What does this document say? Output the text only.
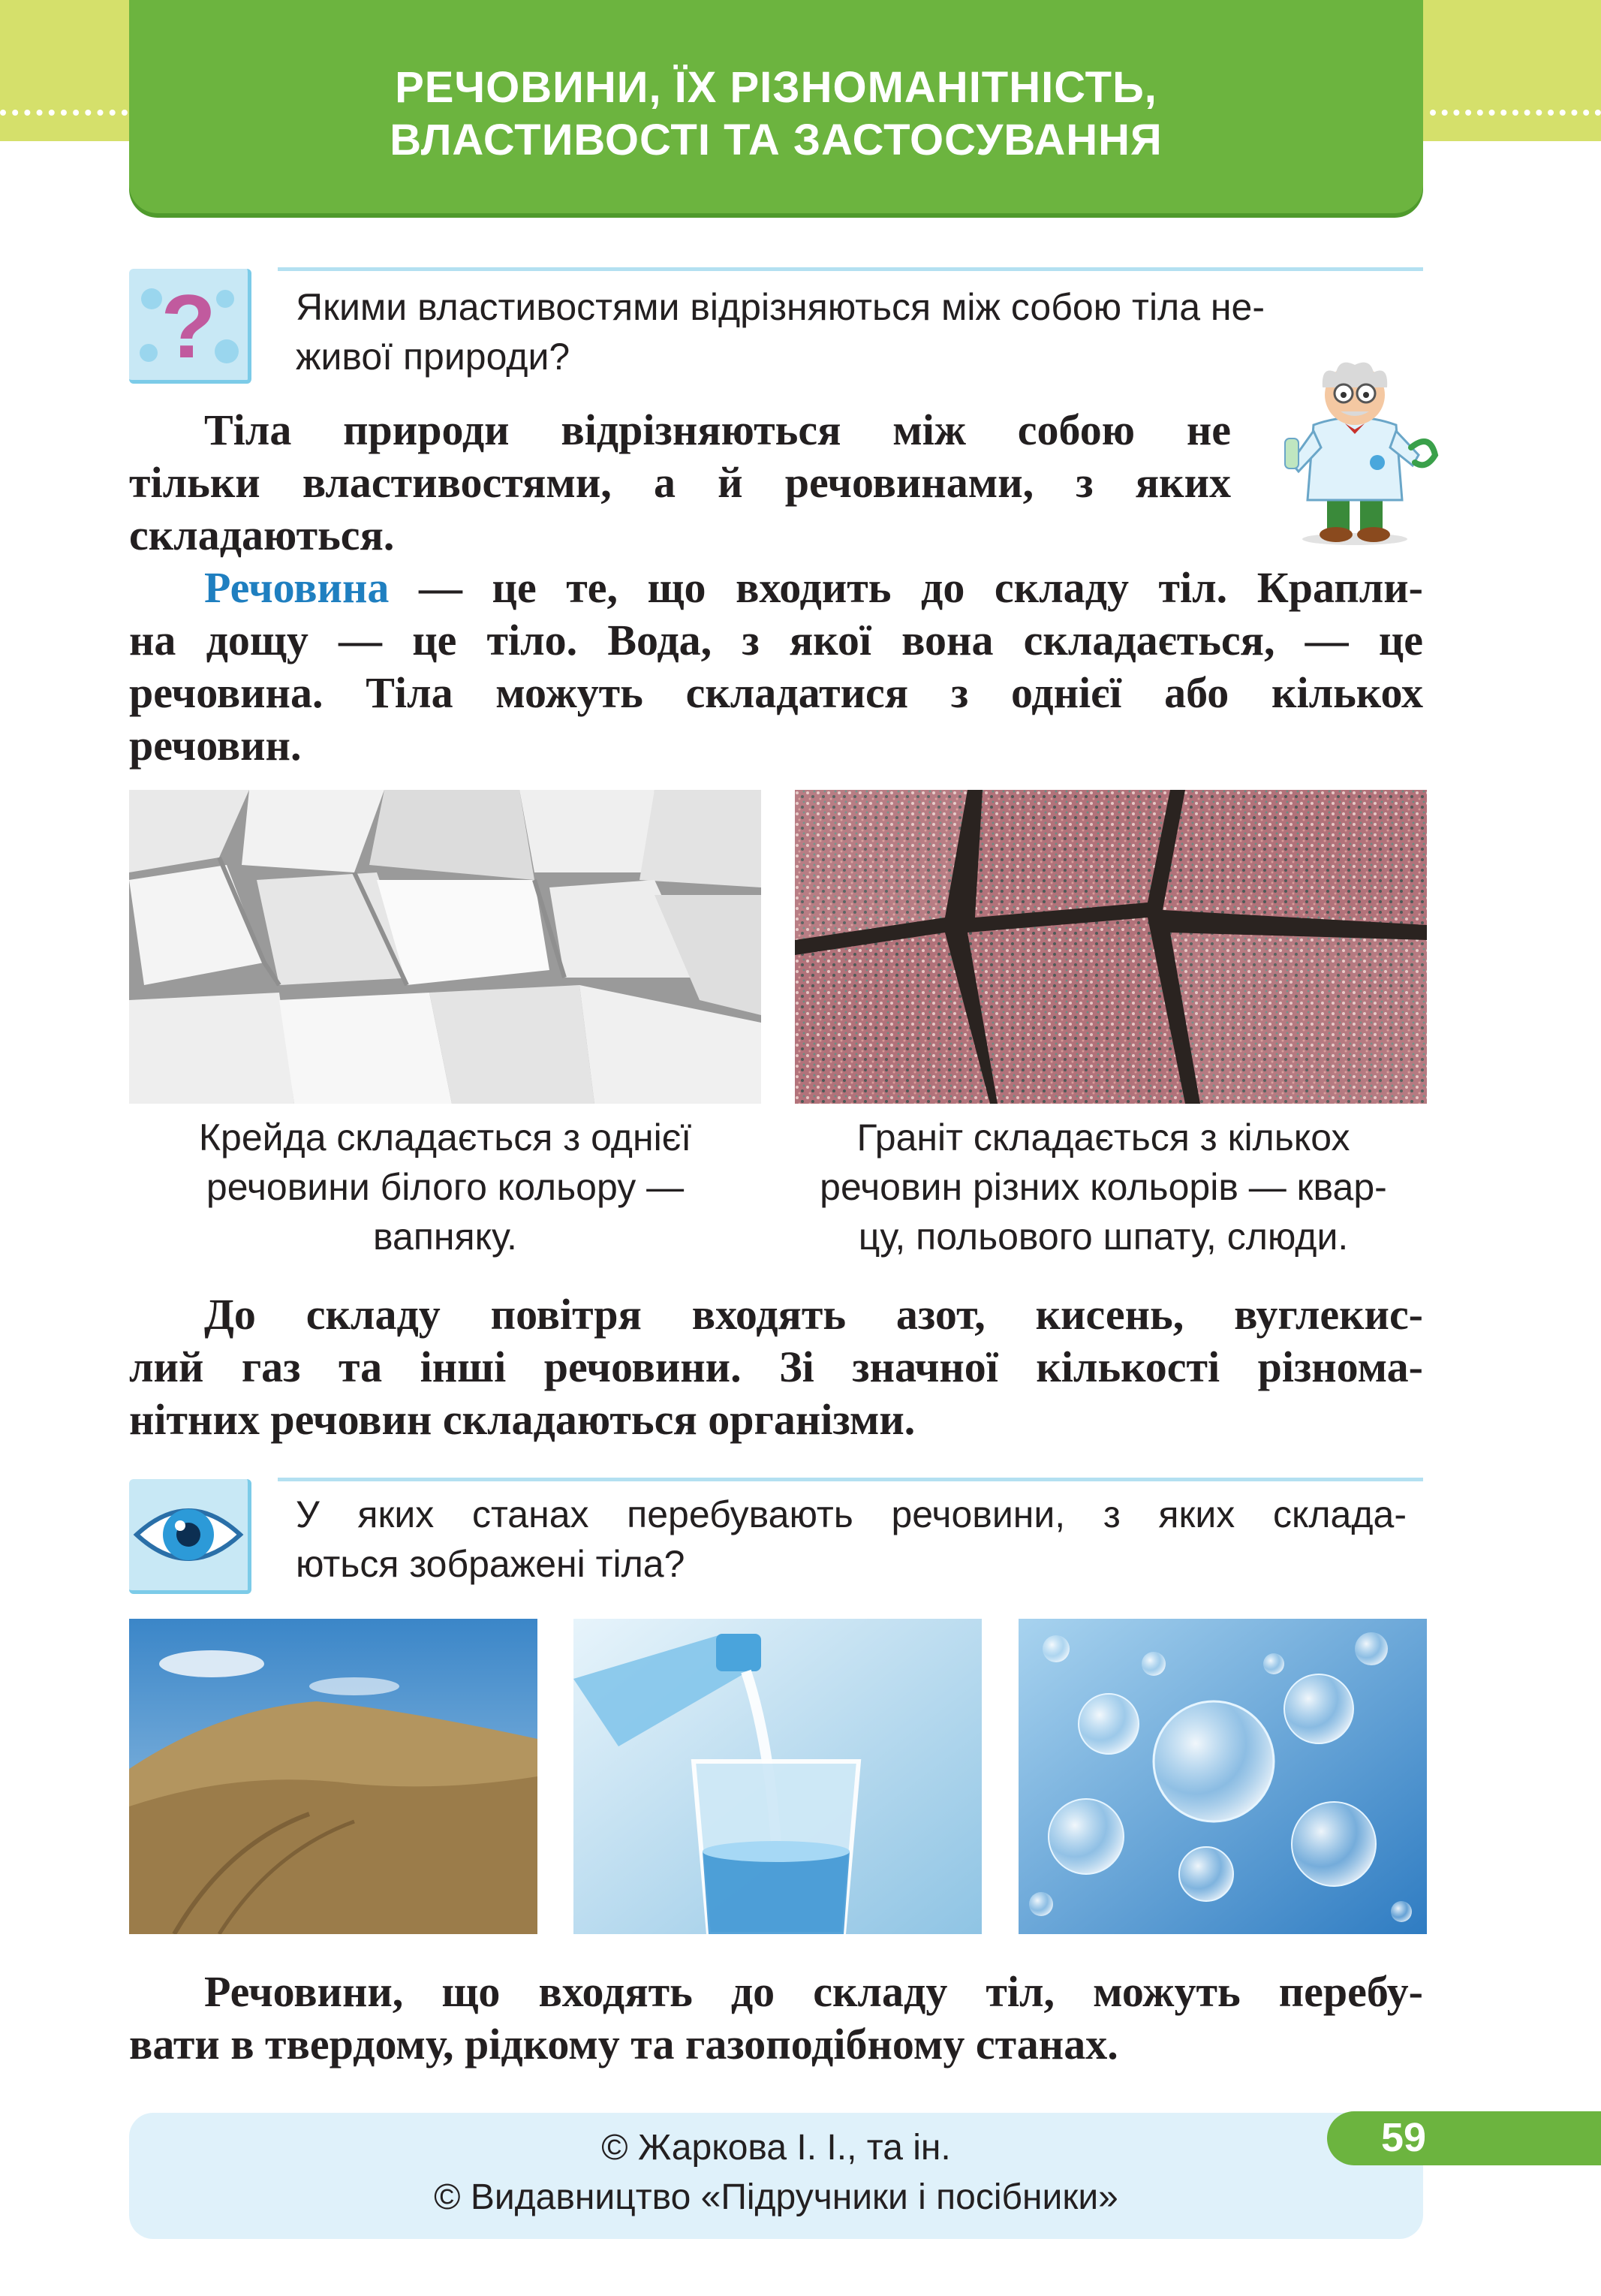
РЕЧОВИНИ, ЇХ РІЗНОМАНІТНІСТЬ,
ВЛАСТИВОСТІ ТА ЗАСТОСУВАННЯ
? Якими властивостями відрізняються між собою тіла не-
живої природи?
Тіла природи відрізняються між собою не
тільки властивостями, а й речовинами, з яких
складаються.
Речовина — це те, що входить до складу тіл. Крапли-
на дощу — це тіло. Вода, з якої вона складається, — це
речовина. Тіла можуть складатися з однієї або кількох
речовин.
Крейда складається з однієї
речовини білого кольору —
вапняку.
Граніт складається з кількох
речовин різних кольорів — квар-
цу, польового шпату, слюди.
До складу повітря входять азот, кисень, вуглекис-
лий газ та інші речовини. Зі значної кількості різнома-
нітних речовин складаються організми.
У яких станах перебувають речовини, з яких склада-
ються зображені тіла?
Речовини, що входять до складу тіл, можуть перебу-
вати в твердому, рідкому та газоподібному станах.
© Жаркова І. І., та ін.
© Видавництво «Підручники і посібники»
59
